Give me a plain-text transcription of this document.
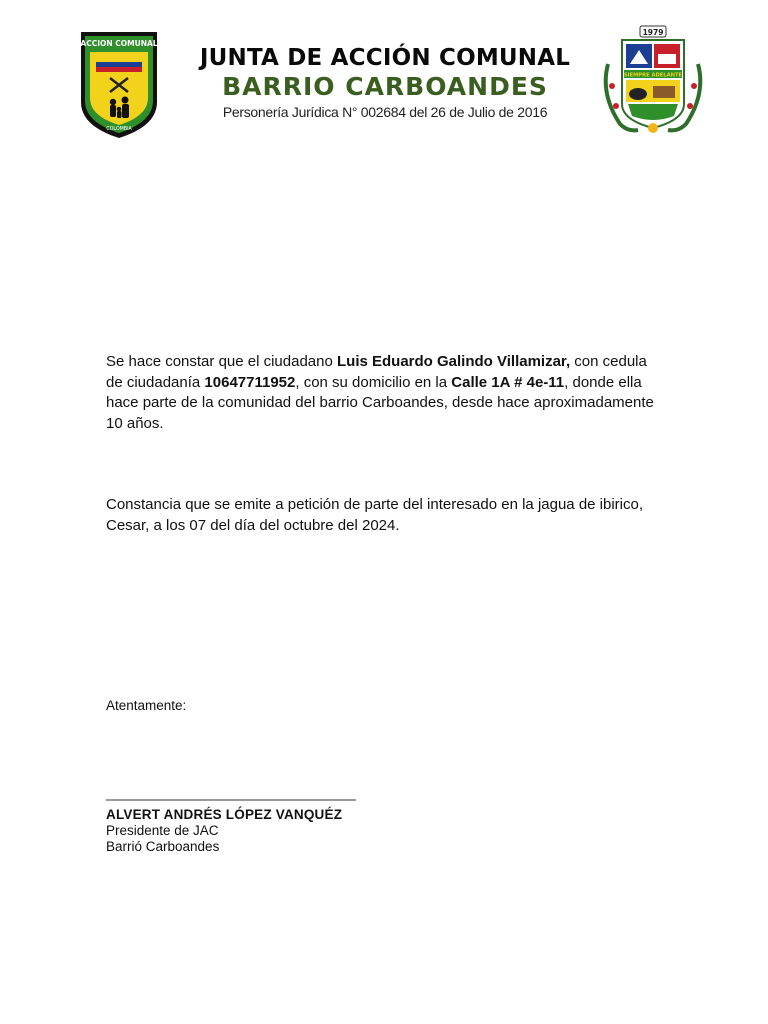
ACCION COMUNAL
COLOMBIA
JUNTA DE ACCIÓN COMUNAL
BARRIO CARBOANDES
Personería Jurídica N° 002684 del 26 de Julio de 2016
1979
SIEMPRE ADELANTE
Se hace constar que el ciudadano Luis Eduardo Galindo Villamizar, con cedula de ciudadanía 10647711952, con su domicilio en la Calle 1A # 4e-11, donde ella hace parte de la comunidad del barrio Carboandes, desde hace aproximadamente 10 años.
Constancia que se emite a petición de parte del interesado en la jagua de ibirico, Cesar, a los 07 del día del octubre del 2024.
Atentamente:
ALVERT ANDRÉS LÓPEZ VANQUÉZ
Presidente de JAC
Barrió Carboandes
